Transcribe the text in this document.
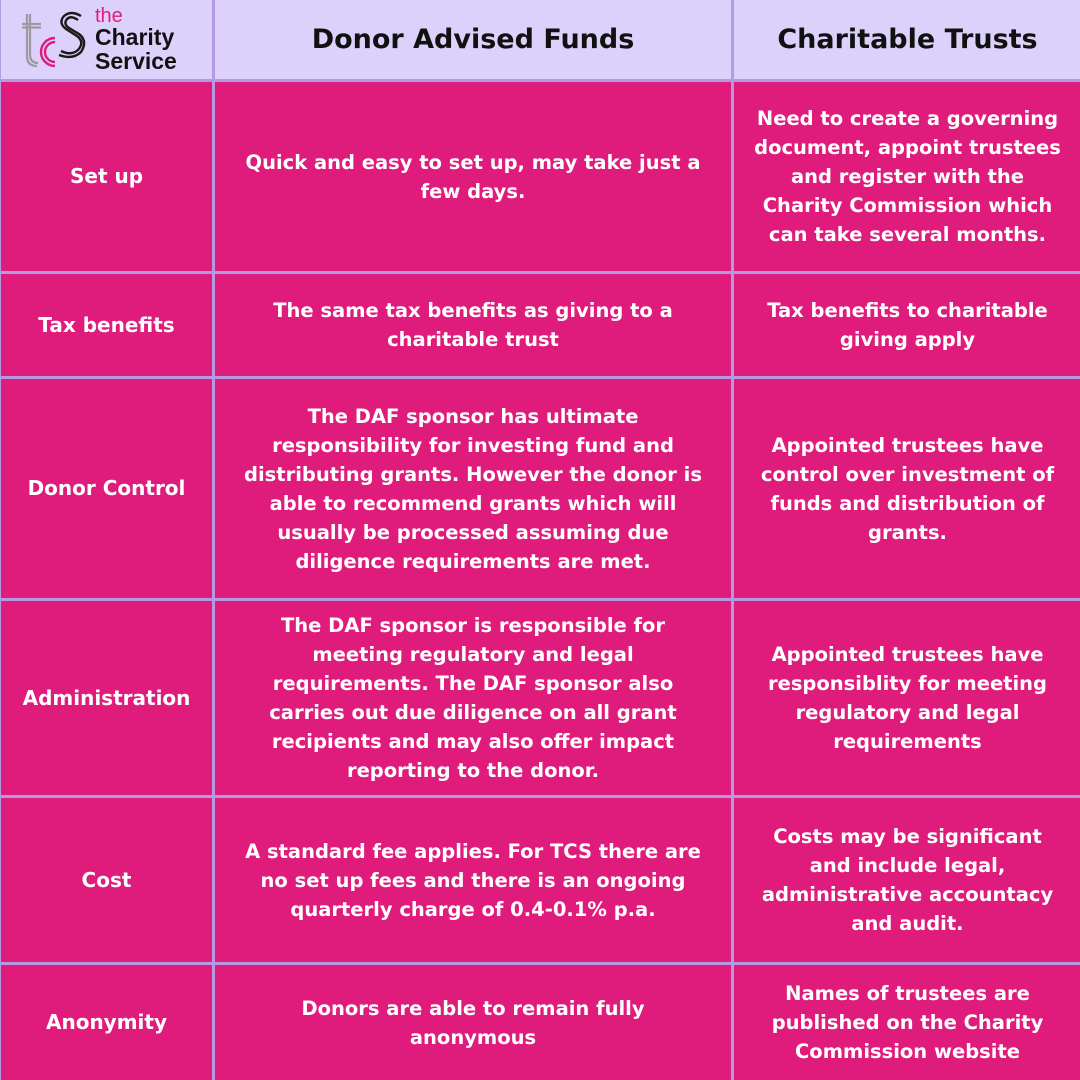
the
Charity
Service
Donor Advised Funds	Charitable Trusts
Set up
Quick and easy to set up, may take just a few days.
Need to create a governing document, appoint trustees and register with the Charity Commission which can take several months.
Tax benefits
The same tax benefits as giving to a charitable trust
Tax benefits to charitable giving apply
Donor Control
The DAF sponsor has ultimate responsibility for investing fund and distributing grants. However the donor is able to recommend grants which will usually be processed assuming due diligence requirements are met.
Appointed trustees have control over investment of funds and distribution of grants.
Administration
The DAF sponsor is responsible for meeting regulatory and legal requirements. The DAF sponsor also carries out due diligence on all grant recipients and may also offer impact reporting to the donor.
Appointed trustees have responsiblity for meeting regulatory and legal requirements
Cost
A standard fee applies. For TCS there are no set up fees and there is an ongoing quarterly charge of 0.4-0.1% p.a.
Costs may be significant and include legal, administrative accountacy and audit.
Anonymity
Donors are able to remain fully anonymous
Names of trustees are published on the Charity Commission website
